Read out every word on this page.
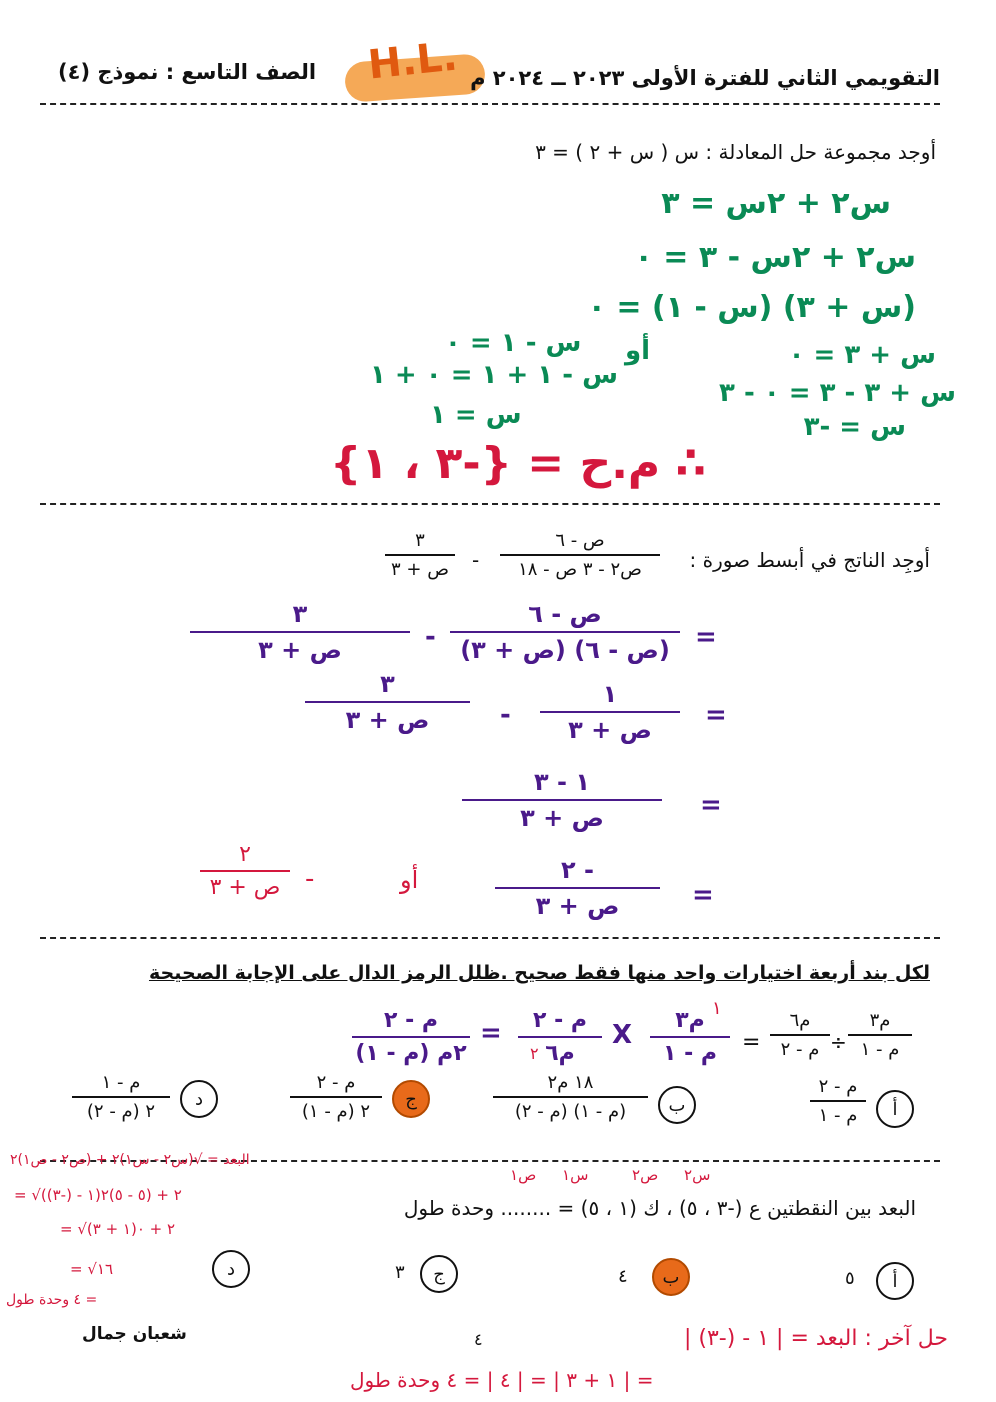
H.L. التقويمي الثاني للفترة الأولى ٢٠٢٣ ــ ٢٠٢٤ م
الصف التاسع : نموذج (٤)
أوجد مجموعة حل المعادلة : س ( س + ٢ ) = ٣
س٢ + ٢س = ٣
س٢ + ٢س - ٣ = ٠
(س + ٣) (س - ١) = ٠
س + ٣ = ٠
س + ٣ - ٣ = ٠ - ٣
س = -٣
أو
س - ١ = ٠
س - ١ + ١ = ٠ + ١
س = ١
∴ م.ح = {-٣ ، ١}
أوجِد الناتج في أبسط صورة :
ص - ٦
ص٢ - ٣ ص - ١٨
-
٣
ص + ٣
=
ص - ٦
(ص - ٦) (ص + ٣)
-
٣
ص + ٣
=
١
ص + ٣
-
٣
ص + ٣
=
١ - ٣
ص + ٣
=
- ٢
ص + ٣
أو
-
٢
ص + ٣
لكل بند أربعة اختيارات واحد منها فقط صحيح .ظلل الرمز الدال على الإجابة الصحيحة
م٣
م - ١
÷
م٦
م - ٢
=
م٣
م - ١
١
X
م - ٢
م٦
٢
=
م - ٢
٢م (م - ١)
أ
م - ٢
م - ١
ب
١٨ م٢
(م - ١) (م - ٢)
ج
م - ٢
٢ (م - ١)
د
م - ١
٢ (م - ٢)
س١
ص١	س٢
ص٢
البعد بين النقطتين ع (-٣ ، ٥) ، ك (١ ، ٥) = ........ وحدة طول
البعد = √(س٢ - س١)٢ + (ص٢ - ص١)٢
= √(١ - (-٣))٢ + (٥ - ٥)٢
= √(١ + ٣)٢ + ٠
= √١٦
= ٤ وحدة طول
أ
٥
ب
٤
ج
٣
د
حل آخر : البعد = | ١ - (-٣) |
= | ١ + ٣ | = | ٤ | = ٤ وحدة طول
شعبان جمال	٤
